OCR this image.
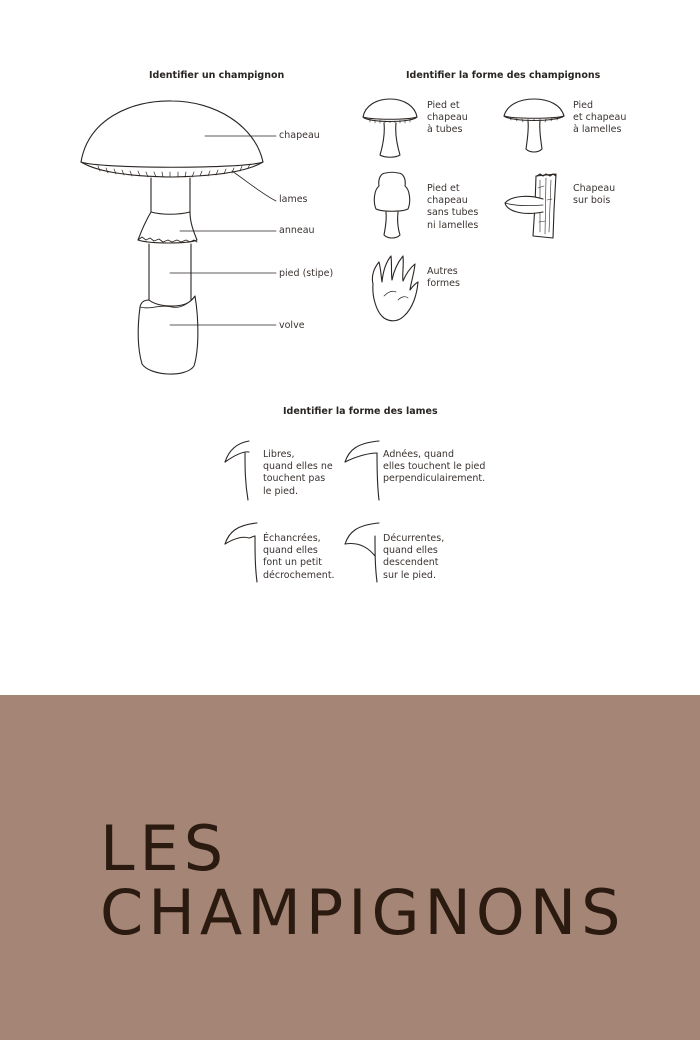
Identifier un champignon	Identifier la forme des champignons
Identifier la forme des lames
chapeau
lames
anneau
pied (stipe)
volve
Pied et
chapeau
à tubes
Pied
et chapeau
à lamelles
Pied et
chapeau
sans tubes
ni lamelles
Chapeau
sur bois
Autres
formes
Libres,
quand elles ne
touchent pas
le pied.
Adnées, quand
elles touchent le pied
perpendiculairement.
Échancrées,
quand elles
font un petit
décrochement.
Décurrentes,
quand elles
descendent
sur le pied.
LES
CHAMPIGNONS
